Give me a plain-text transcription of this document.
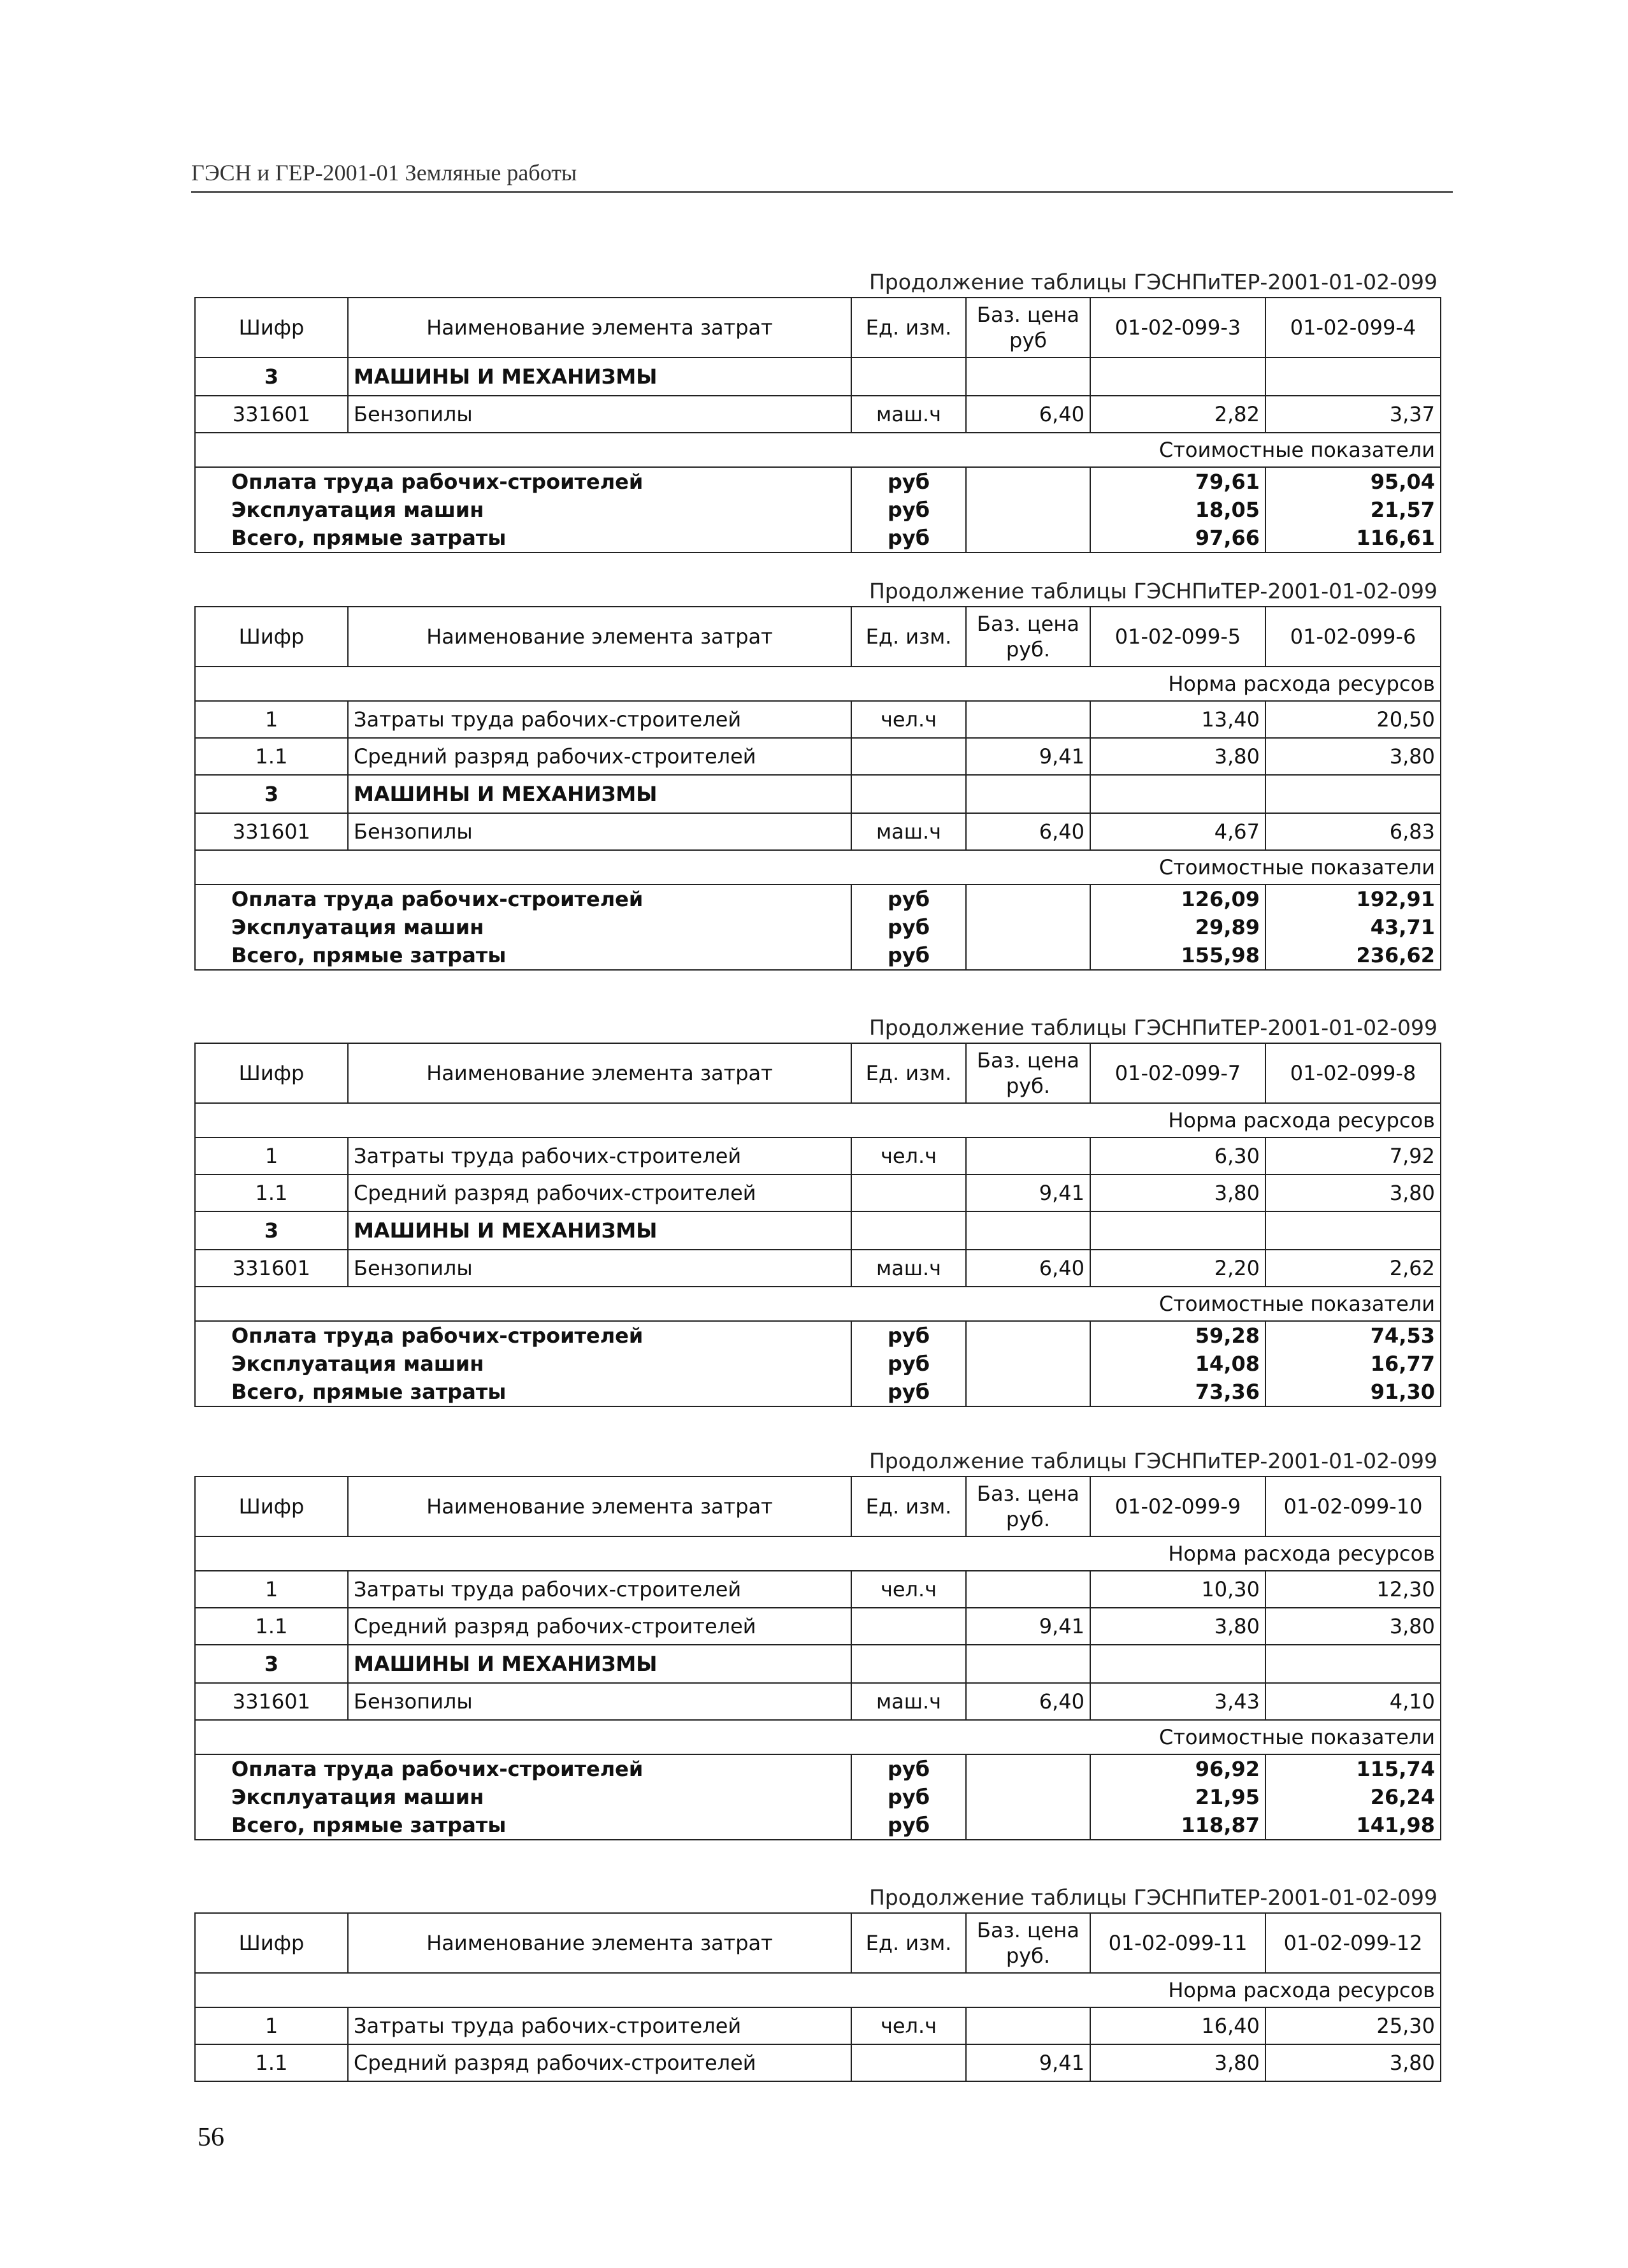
ГЭСН и ГЕР-2001-01 Земляные работы
Продолжение таблицы ГЭСНПиТЕР-2001-01-02-099
Шифр	Наименование элемента затрат	Ед. изм.	Баз. цена руб	01-02-099-3	01-02-099-4
3	МАШИНЫ И МЕХАНИЗМЫ				
331601	Бензопилы	маш.ч	6,40	2,82	3,37
Стоимостные показатели					
Оплата труда рабочих-строителей		руб		79,61	95,04
Эксплуатация машин		руб		18,05	21,57
Всего, прямые затраты		руб		97,66	116,61
Продолжение таблицы ГЭСНПиТЕР-2001-01-02-099
Шифр	Наименование элемента затрат	Ед. изм.	Баз. цена руб.	01-02-099-5	01-02-099-6
Норма расхода ресурсов					
1	Затраты труда рабочих-строителей	чел.ч		13,40	20,50
1.1	Средний разряд рабочих-строителей		9,41	3,80	3,80
3	МАШИНЫ И МЕХАНИЗМЫ				
331601	Бензопилы	маш.ч	6,40	4,67	6,83
Стоимостные показатели					
Оплата труда рабочих-строителей		руб		126,09	192,91
Эксплуатация машин		руб		29,89	43,71
Всего, прямые затраты		руб		155,98	236,62
Продолжение таблицы ГЭСНПиТЕР-2001-01-02-099
Шифр	Наименование элемента затрат	Ед. изм.	Баз. цена руб.	01-02-099-7	01-02-099-8
Норма расхода ресурсов					
1	Затраты труда рабочих-строителей	чел.ч		6,30	7,92
1.1	Средний разряд рабочих-строителей		9,41	3,80	3,80
3	МАШИНЫ И МЕХАНИЗМЫ				
331601	Бензопилы	маш.ч	6,40	2,20	2,62
Стоимостные показатели					
Оплата труда рабочих-строителей		руб		59,28	74,53
Эксплуатация машин		руб		14,08	16,77
Всего, прямые затраты		руб		73,36	91,30
Продолжение таблицы ГЭСНПиТЕР-2001-01-02-099
Шифр	Наименование элемента затрат	Ед. изм.	Баз. цена руб.	01-02-099-9	01-02-099-10
Норма расхода ресурсов					
1	Затраты труда рабочих-строителей	чел.ч		10,30	12,30
1.1	Средний разряд рабочих-строителей		9,41	3,80	3,80
3	МАШИНЫ И МЕХАНИЗМЫ				
331601	Бензопилы	маш.ч	6,40	3,43	4,10
Стоимостные показатели					
Оплата труда рабочих-строителей		руб		96,92	115,74
Эксплуатация машин		руб		21,95	26,24
Всего, прямые затраты		руб		118,87	141,98
Продолжение таблицы ГЭСНПиТЕР-2001-01-02-099
Шифр	Наименование элемента затрат	Ед. изм.	Баз. цена руб.	01-02-099-11	01-02-099-12
Норма расхода ресурсов					
1	Затраты труда рабочих-строителей	чел.ч		16,40	25,30
1.1	Средний разряд рабочих-строителей		9,41	3,80	3,80
56
